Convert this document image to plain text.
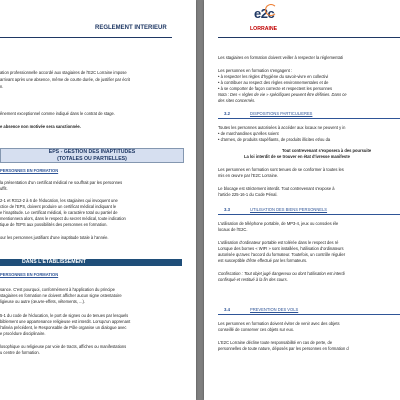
REGLEMENT INTERIEUR
ation professionnelle accordé aux stagiaires de l'E2C Lorraine impose
arrivant après une absence, même de courte durée, de justifier par écrit
n.
ênement exceptionnel comme indiqué dans le contrat de stage.
e absence non motivée sera sanctionnée.
EPS - GESTION DES INAPTITUDES
(TOTALES OU PARTIELLES)
PERSONNES EN FORMATION
la présentation d'un certificat médical ne souffrait par les personnes
uffit.
2-1 et R312-2 à 6 de l'éducation, les stagiaires qui invoquent une
ctice de l'EPS, doivent produire un certificat médical indiquant le
e l'inaptitude. Le certificat médical, le caractère total ou partiel de
mentionnera alors, dans le respect du secret médical, toute indication
tique de l'EPS aux possibilités des personnes en formation.
our les personnes justifiant d'une inaptitude totale à l'année.
DANS L'ETABLISSEMENT
PERSONNES EN FORMATION
sance. C'est pourquoi, conformément à l'application du principe
stagiaires en formation ne doivent afficher aucun signe ostentatoire
ligieuse ou autre (œuvre-effets, vêtements, ...).
5-1 du code de l'éducation, le port de signes ou de tenues par lesquels
biblement une appartenance religieuse est interdit. Lorsqu'un apprenant
l'alinéa précédent, le Responsable de Pôle organise un dialogue avec
e procédure disciplinaire.
losophique ou religieuse par voie de tracts, affiches ou manifestations
u centre de formation.
e2c
LORRAINE
Les stagiaires en formation doivent veiller à respecter la réglementati
Les personnes en formation s'engagent :
• à respecter les règles d'hygiène du savoir-vivre en collectivi
• à contribuer au respect des règles environnementales et de
• à se comporter de façon correcte et respectent les personnes
Nota : Des « règles de vie » spécifiques peuvent être définies. Dans ce
des sites concernés.
3.2	DISPOSITIONS PARTICULIERES
Toutes les personnes autorisées à accéder aux locaux ne peuvent y in
• de marchandises qu'elles soient
• d'armes, de produits stupéfiants, de produits illicites et/ou da
Tout contrevenant s'exposera à des poursuite
La loi interdit de se trouver en état d'ivresse manifeste
Les personnes en formation sont tenues de se conformer à toutes les
mis en œuvre par l'E2C Lorraine.
Le blocage est strictement interdit. Tout contrevenant s'expose à
l'article 225-16-1 du Code Pénal.
3.3	UTILISATION DES BIENS PERSONNELS
L'utilisation de téléphone portable, de MP3-4, jeux ou consoles éle
locaux de l'E2C.
L'utilisation d'ordinateur portable est tolérée dans le respect des ré
Lorsque des bornes « WIFI » sont installées, l'utilisation d'ordinateurs
autorisée qu'avec l'accord du formateur. Toutefois, un contrôle régulier
est susceptible d'être effectué par les formateurs.
Confiscation : Tout objet jugé dangereux ou dont l'utilisation est interdi
confisqué et restitué à la fin des cours.
3.4	PREVENTION DES VOLS
Les personnes en formation doivent éviter de venir avec des objets
conseillé de conserver ces objets sur eux.
L'E2C Lorraine décline toute responsabilité en cas de perte, de
personnelles de toute nature, déposés par les personnes en formation d
